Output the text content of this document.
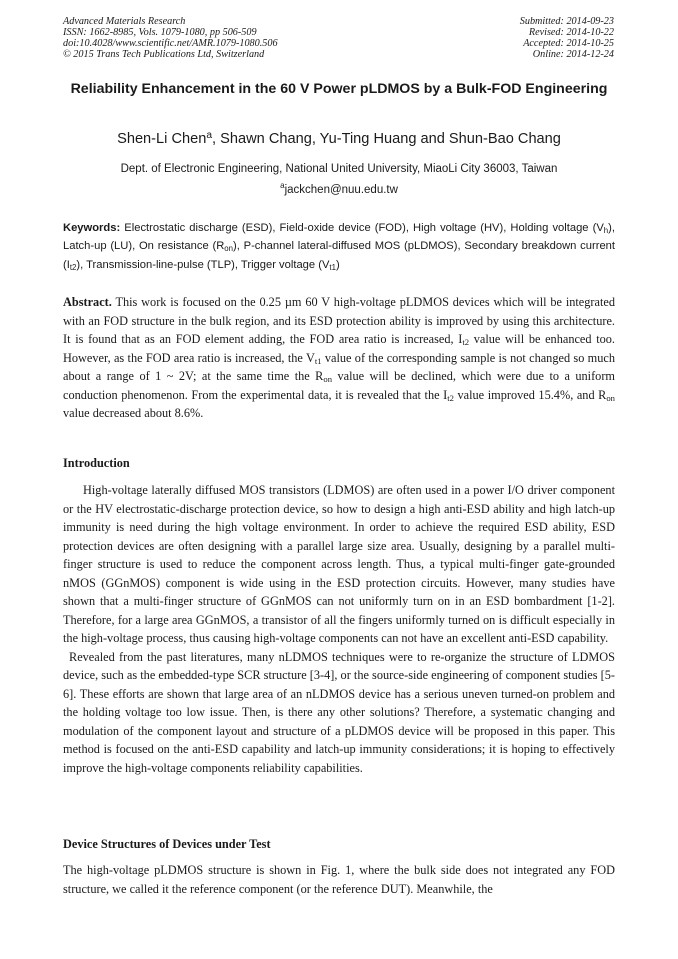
Advanced Materials Research
ISSN: 1662-8985, Vols. 1079-1080, pp 506-509
doi:10.4028/www.scientific.net/AMR.1079-1080.506
© 2015 Trans Tech Publications Ltd, Switzerland
Submitted: 2014-09-23
Revised: 2014-10-22
Accepted: 2014-10-25
Online: 2014-12-24
Reliability Enhancement in the 60 V Power pLDMOS by a Bulk-FOD Engineering
Shen-Li Chen$^a$, Shawn Chang, Yu-Ting Huang and Shun-Bao Chang
Dept. of Electronic Engineering, National United University, MiaoLi City 36003, Taiwan
$^a$jackchen@nuu.edu.tw
Keywords: Electrostatic discharge (ESD), Field-oxide device (FOD), High voltage (HV), Holding voltage $(V_h)$, Latch-up (LU), On resistance $(R_{on})$, P-channel lateral-diffused MOS (pLDMOS), Secondary breakdown current $(I_{t2})$, Transmission-line-pulse (TLP), Trigger voltage $(V_{t1})$
Abstract. This work is focused on the 0.25 µm 60 V high-voltage pLDMOS devices which will be integrated with an FOD structure in the bulk region, and its ESD protection ability is improved by using this architecture. It is found that as an FOD element adding, the FOD area ratio is increased, $I_{t2}$ value will be enhanced too. However, as the FOD area ratio is increased, the $V_{t1}$ value of the corresponding sample is not changed so much about a range of 1 ~ 2V; at the same time the $R_{on}$ value will be declined, which were due to a uniform conduction phenomenon. From the experimental data, it is revealed that the $I_{t2}$ value improved 15.4%, and $R_{on}$ value decreased about 8.6%.
Introduction

High-voltage laterally diffused MOS transistors (LDMOS) are often used in a power I/O driver component or the HV electrostatic-discharge protection device, so how to design a high anti-ESD ability and high latch-up immunity is need during the high voltage environment. In order to achieve the required ESD ability, ESD protection devices are often designing with a parallel large size area. Usually, designing by a parallel multi-finger structure is used to reduce the component across length. Thus, a typical multi-finger gate-grounded nMOS (GGnMOS) component is wide using in the ESD protection circuits. However, many studies have shown that a multi-finger structure of GGnMOS can not uniformly turn on in an ESD bombardment [1-2]. Therefore, for a large area GGnMOS, a transistor of all the fingers uniformly turned on is difficult especially in the high-voltage process, thus causing high-voltage components can not have an excellent anti-ESD capability.

Revealed from the past literatures, many nLDMOS techniques were to re-organize the structure of LDMOS device, such as the embedded-type SCR structure [3-4], or the source-side engineering of component studies [5-6]. These efforts are shown that large area of an nLDMOS device has a serious uneven turned-on problem and the holding voltage too low issue. Then, is there any other solutions? Therefore, a systematic changing and modulation of the component layout and structure of a pLDMOS device will be proposed in this paper. This method is focused on the anti-ESD capability and latch-up immunity considerations; it is hoping to effectively improve the high-voltage components reliability capabilities.

Device Structures of Devices under Test
The high-voltage pLDMOS structure is shown in Fig. 1, where the bulk side does not integrated any FOD structure, we called it the reference component (or the reference DUT). Meanwhile, the
